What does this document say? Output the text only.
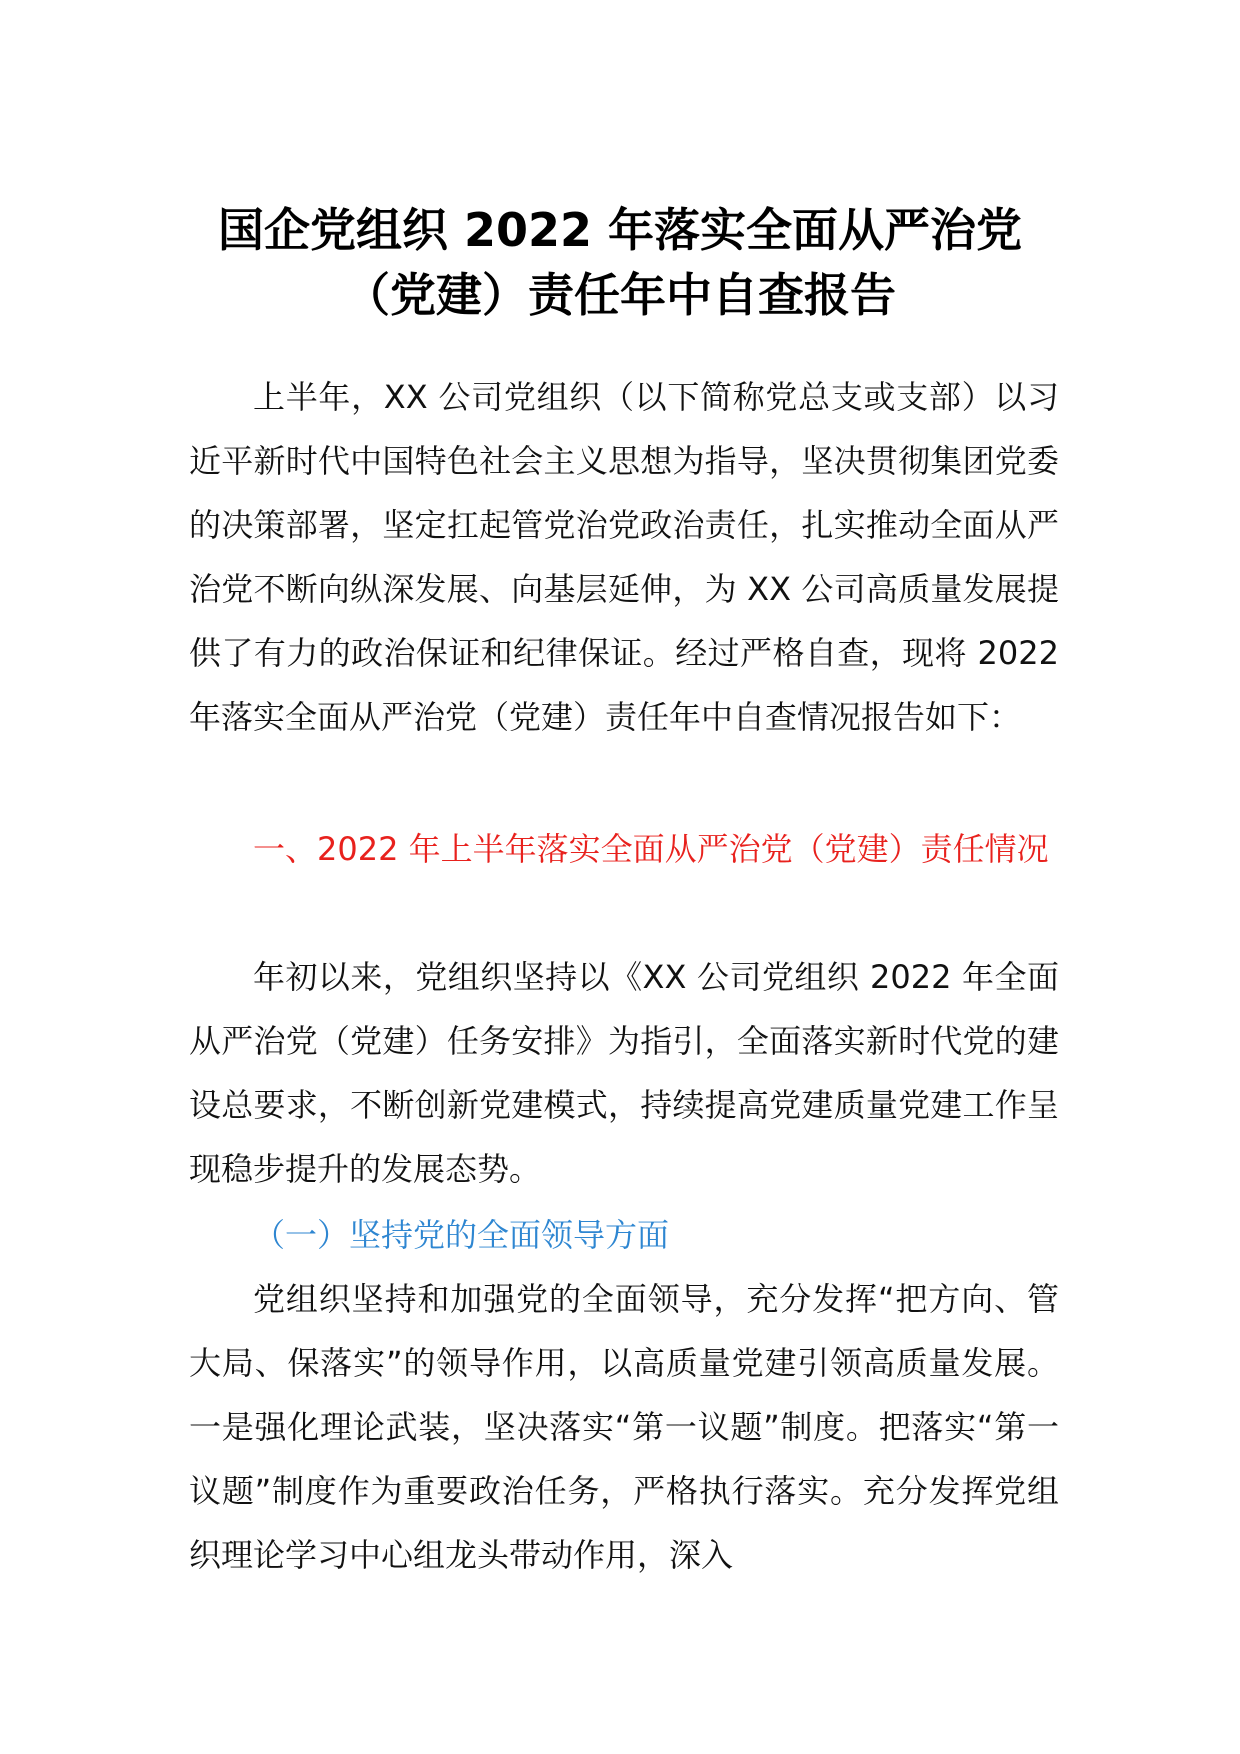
国企党组织 2022 年落实全面从严治党
（党建）责任年中自查报告

上半年，XX 公司党组织（以下简称党总支或支部）以习近平新时代中国特色社会主义思想为指导，坚决贯彻集团党委的决策部署，坚定扛起管党治党政治责任，扎实推动全面从严治党不断向纵深发展、向基层延伸，为 XX 公司高质量发展提供了有力的政治保证和纪律保证。经过严格自查，现将 2022 年落实全面从严治党（党建）责任年中自查情况报告如下：

一、2022 年上半年落实全面从严治党（党建）责任情况

年初以来，党组织坚持以《XX 公司党组织 2022 年全面从严治党（党建）任务安排》为指引，全面落实新时代党的建设总要求，不断创新党建模式，持续提高党建质量党建工作呈现稳步提升的发展态势。

（一）坚持党的全面领导方面

党组织坚持和加强党的全面领导，充分发挥“把方向、管大局、保落实”的领导作用，以高质量党建引领高质量发展。一是强化理论武装，坚决落实“第一议题”制度。把落实“第一议题”制度作为重要政治任务，严格执行落实。充分发挥党组织理论学习中心组龙头带动作用，深入
